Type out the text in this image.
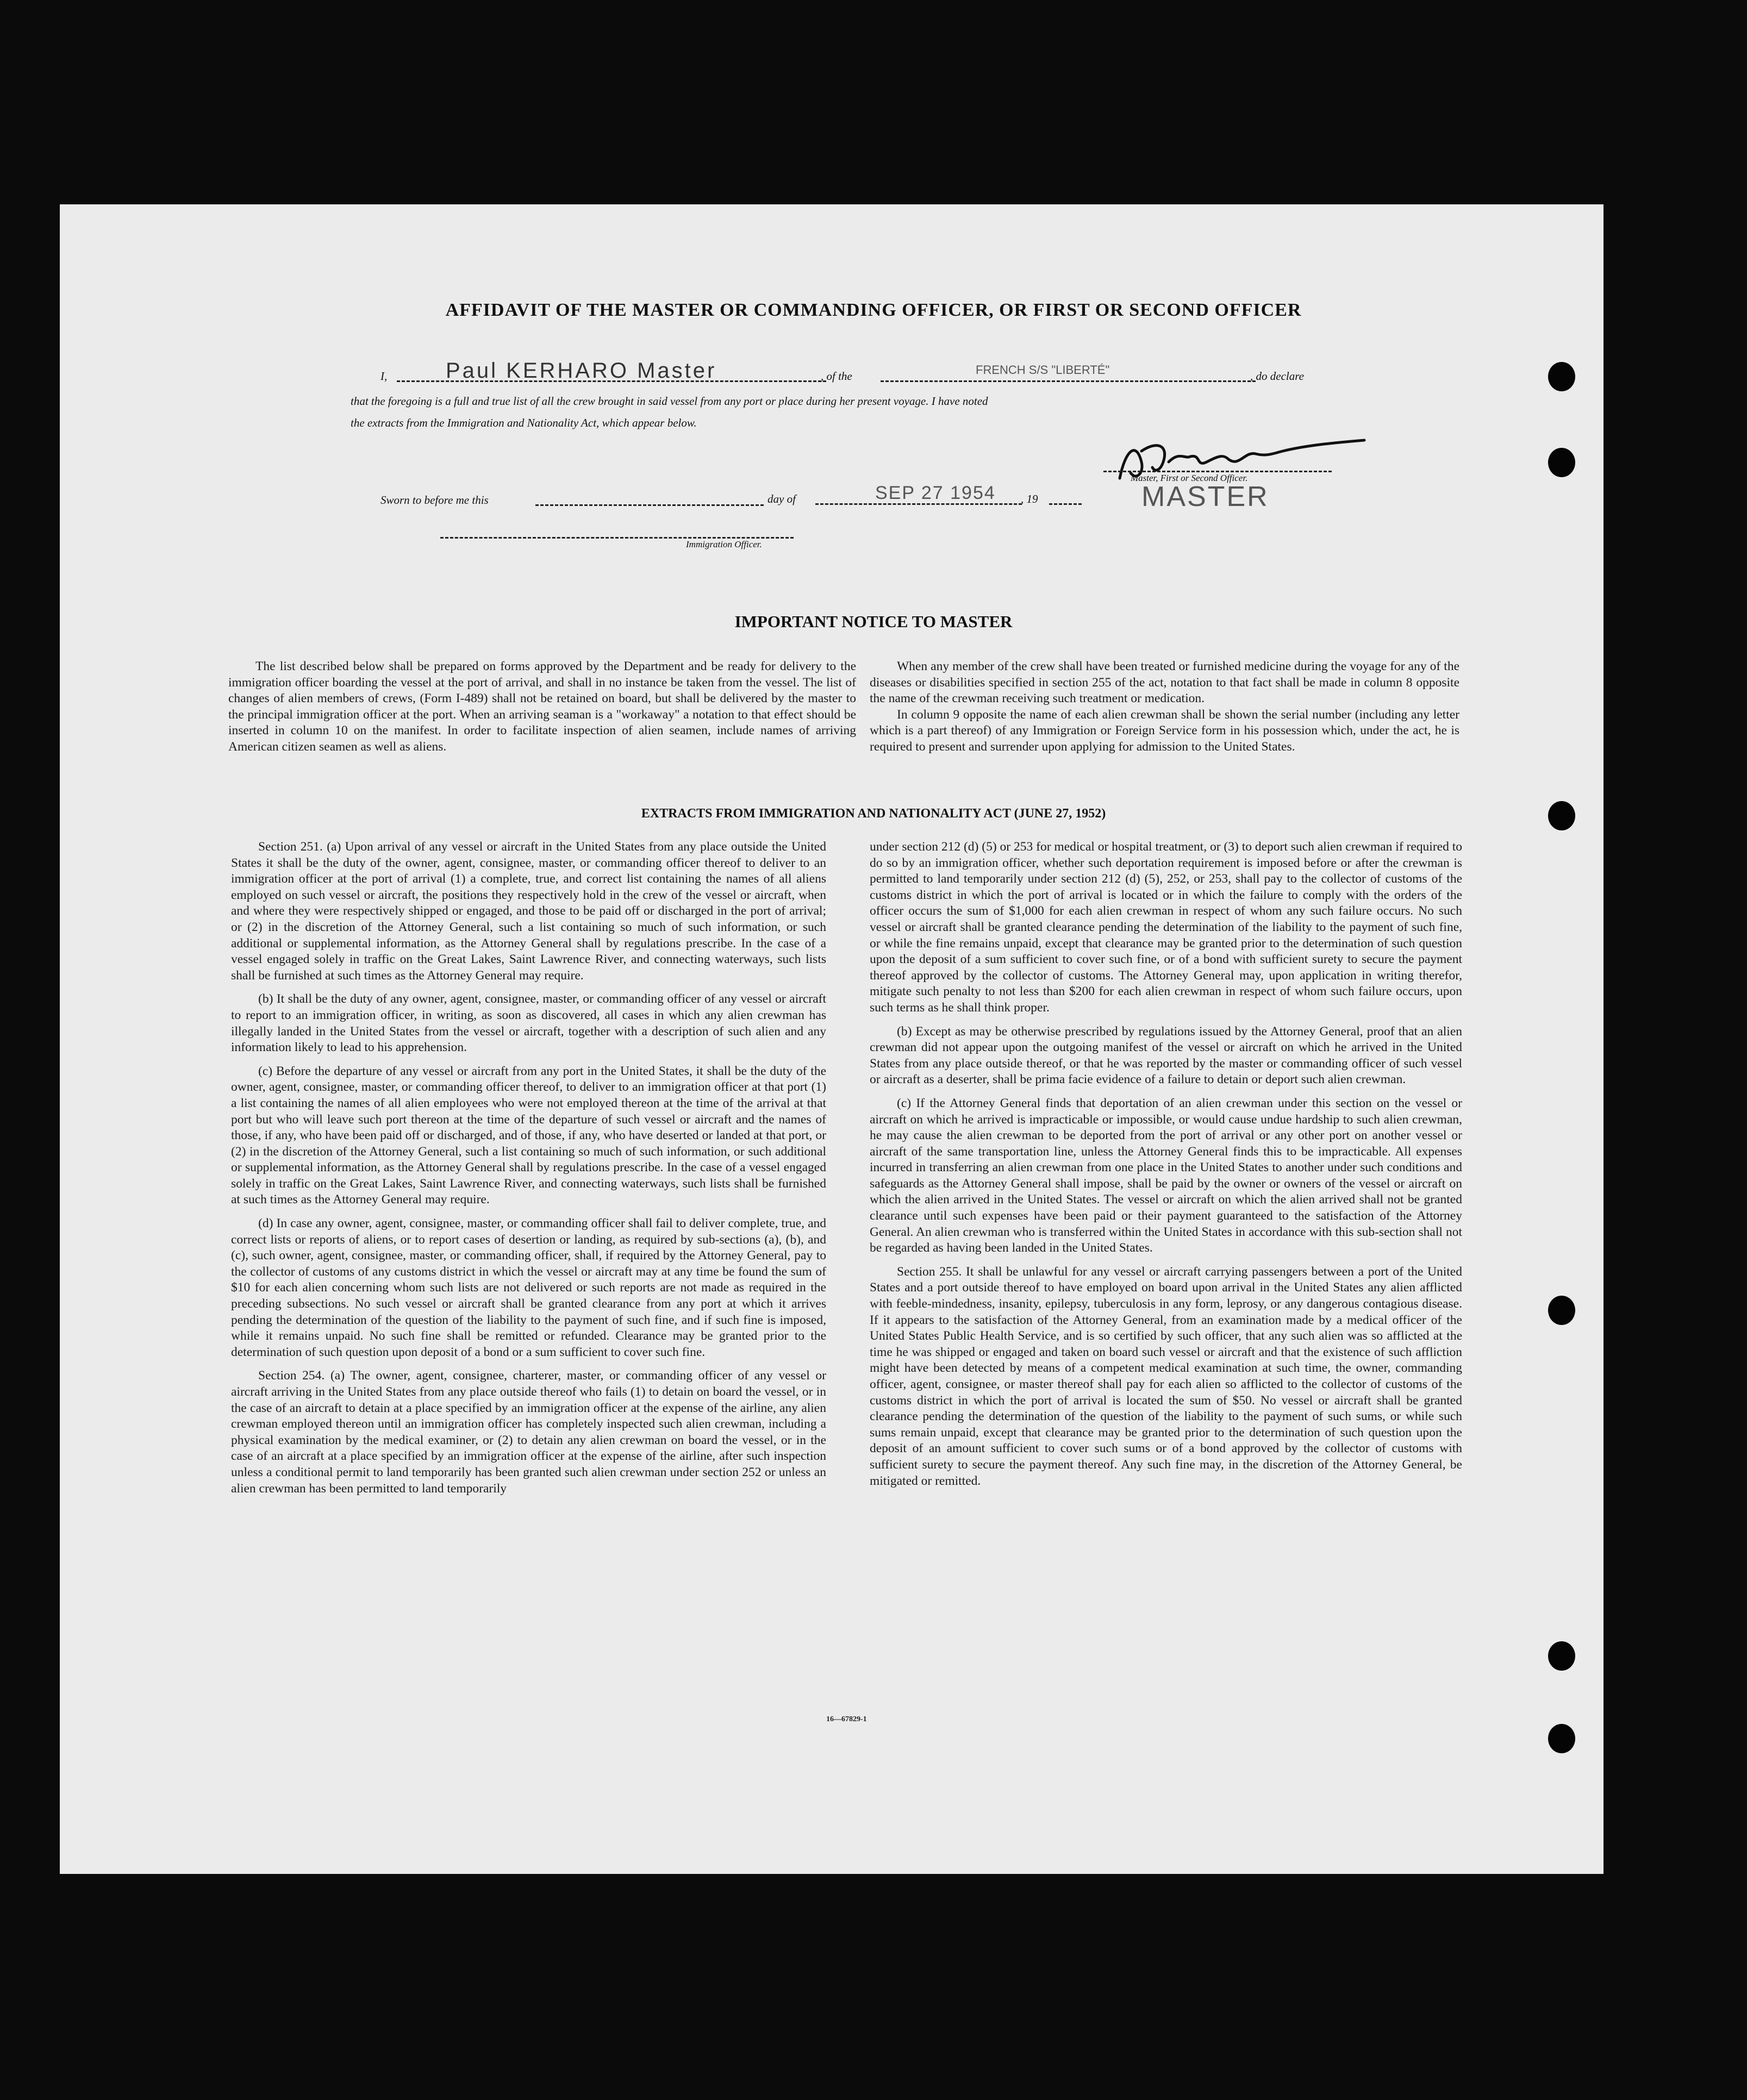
AFFIDAVIT OF THE MASTER OR COMMANDING OFFICER, OR FIRST OR SECOND OFFICER
I,	Paul KERHARO Master	, of the	FRENCH S/S "LIBERTÉ"	, do declare
that the foregoing is a full and true list of all the crew brought in said vessel from any port or place during her present voyage. I have noted
the extracts from the Immigration and Nationality Act, which appear below.
Master, First or Second Officer.
MASTER
Sworn to before me this	day of	SEP 27 1954 , 19
Immigration Officer.
IMPORTANT NOTICE TO MASTER

The list described below shall be prepared on forms approved by the Department and be ready for delivery to the immigration officer boarding the vessel at the port of arrival, and shall in no instance be taken from the vessel. The list of changes of alien members of crews, (Form I-489) shall not be retained on board, but shall be delivered by the master to the principal immigration officer at the port. When an arriving seaman is a "workaway" a notation to that effect should be inserted in column 10 on the manifest. In order to facilitate inspection of alien seamen, include names of arriving American citizen seamen as well as aliens.

When any member of the crew shall have been treated or furnished medicine during the voyage for any of the diseases or disabilities specified in section 255 of the act, notation to that fact shall be made in column 8 opposite the name of the crewman receiving such treatment or medication.

In column 9 opposite the name of each alien crewman shall be shown the serial number (including any letter which is a part thereof) of any Immigration or Foreign Service form in his possession which, under the act, he is required to present and surrender upon applying for admission to the United States.

EXTRACTS FROM IMMIGRATION AND NATIONALITY ACT (JUNE 27, 1952)

Section 251. (a) Upon arrival of any vessel or aircraft in the United States from any place outside the United States it shall be the duty of the owner, agent, consignee, master, or commanding officer thereof to deliver to an immigration officer at the port of arrival (1) a complete, true, and correct list containing the names of all aliens employed on such vessel or aircraft, the positions they respectively hold in the crew of the vessel or aircraft, when and where they were respectively shipped or engaged, and those to be paid off or discharged in the port of arrival; or (2) in the discretion of the Attorney General, such a list containing so much of such information, or such additional or supplemental information, as the Attorney General shall by regulations prescribe. In the case of a vessel engaged solely in traffic on the Great Lakes, Saint Lawrence River, and connecting waterways, such lists shall be furnished at such times as the Attorney General may require.

(b) It shall be the duty of any owner, agent, consignee, master, or commanding officer of any vessel or aircraft to report to an immigration officer, in writing, as soon as discovered, all cases in which any alien crewman has illegally landed in the United States from the vessel or aircraft, together with a description of such alien and any information likely to lead to his apprehension.

(c) Before the departure of any vessel or aircraft from any port in the United States, it shall be the duty of the owner, agent, consignee, master, or commanding officer thereof, to deliver to an immigration officer at that port (1) a list containing the names of all alien employees who were not employed thereon at the time of the arrival at that port but who will leave such port thereon at the time of the departure of such vessel or aircraft and the names of those, if any, who have been paid off or discharged, and of those, if any, who have deserted or landed at that port, or (2) in the discretion of the Attorney General, such a list containing so much of such information, or such additional or supplemental information, as the Attorney General shall by regulations prescribe. In the case of a vessel engaged solely in traffic on the Great Lakes, Saint Lawrence River, and connecting waterways, such lists shall be furnished at such times as the Attorney General may require.

(d) In case any owner, agent, consignee, master, or commanding officer shall fail to deliver complete, true, and correct lists or reports of aliens, or to report cases of desertion or landing, as required by sub-sections (a), (b), and (c), such owner, agent, consignee, master, or commanding officer, shall, if required by the Attorney General, pay to the collector of customs of any customs district in which the vessel or aircraft may at any time be found the sum of $10 for each alien concerning whom such lists are not delivered or such reports are not made as required in the preceding subsections. No such vessel or aircraft shall be granted clearance from any port at which it arrives pending the determination of the question of the liability to the payment of such fine, and if such fine is imposed, while it remains unpaid. No such fine shall be remitted or refunded. Clearance may be granted prior to the determination of such question upon deposit of a bond or a sum sufficient to cover such fine.

Section 254. (a) The owner, agent, consignee, charterer, master, or commanding officer of any vessel or aircraft arriving in the United States from any place outside thereof who fails (1) to detain on board the vessel, or in the case of an aircraft to detain at a place specified by an immigration officer at the expense of the airline, any alien crewman employed thereon until an immigration officer has completely inspected such alien crewman, including a physical examination by the medical examiner, or (2) to detain any alien crewman on board the vessel, or in the case of an aircraft at a place specified by an immigration officer at the expense of the airline, after such inspection unless a conditional permit to land temporarily has been granted such alien crewman under section 252 or unless an alien crewman has been permitted to land temporarily

under section 212 (d) (5) or 253 for medical or hospital treatment, or (3) to deport such alien crewman if required to do so by an immigration officer, whether such deportation requirement is imposed before or after the crewman is permitted to land temporarily under section 212 (d) (5), 252, or 253, shall pay to the collector of customs of the customs district in which the port of arrival is located or in which the failure to comply with the orders of the officer occurs the sum of $1,000 for each alien crewman in respect of whom any such failure occurs. No such vessel or aircraft shall be granted clearance pending the determination of the liability to the payment of such fine, or while the fine remains unpaid, except that clearance may be granted prior to the determination of such question upon the deposit of a sum sufficient to cover such fine, or of a bond with sufficient surety to secure the payment thereof approved by the collector of customs. The Attorney General may, upon application in writing therefor, mitigate such penalty to not less than $200 for each alien crewman in respect of whom such failure occurs, upon such terms as he shall think proper.

(b) Except as may be otherwise prescribed by regulations issued by the Attorney General, proof that an alien crewman did not appear upon the outgoing manifest of the vessel or aircraft on which he arrived in the United States from any place outside thereof, or that he was reported by the master or commanding officer of such vessel or aircraft as a deserter, shall be prima facie evidence of a failure to detain or deport such alien crewman.

(c) If the Attorney General finds that deportation of an alien crewman under this section on the vessel or aircraft on which he arrived is impracticable or impossible, or would cause undue hardship to such alien crewman, he may cause the alien crewman to be deported from the port of arrival or any other port on another vessel or aircraft of the same transportation line, unless the Attorney General finds this to be impracticable. All expenses incurred in transferring an alien crewman from one place in the United States to another under such conditions and safeguards as the Attorney General shall impose, shall be paid by the owner or owners of the vessel or aircraft on which the alien arrived in the United States. The vessel or aircraft on which the alien arrived shall not be granted clearance until such expenses have been paid or their payment guaranteed to the satisfaction of the Attorney General. An alien crewman who is transferred within the United States in accordance with this sub-section shall not be regarded as having been landed in the United States.

Section 255. It shall be unlawful for any vessel or aircraft carrying passengers between a port of the United States and a port outside thereof to have employed on board upon arrival in the United States any alien afflicted with feeble-mindedness, insanity, epilepsy, tuberculosis in any form, leprosy, or any dangerous contagious disease. If it appears to the satisfaction of the Attorney General, from an examination made by a medical officer of the United States Public Health Service, and is so certified by such officer, that any such alien was so afflicted at the time he was shipped or engaged and taken on board such vessel or aircraft and that the existence of such affliction might have been detected by means of a competent medical examination at such time, the owner, commanding officer, agent, consignee, or master thereof shall pay for each alien so afflicted to the collector of customs of the customs district in which the port of arrival is located the sum of $50. No vessel or aircraft shall be granted clearance pending the determination of the question of the liability to the payment of such sums, or while such sums remain unpaid, except that clearance may be granted prior to the determination of such question upon the deposit of an amount sufficient to cover such sums or of a bond approved by the collector of customs with sufficient surety to secure the payment thereof. Any such fine may, in the discretion of the Attorney General, be mitigated or remitted.

16—67829-1
